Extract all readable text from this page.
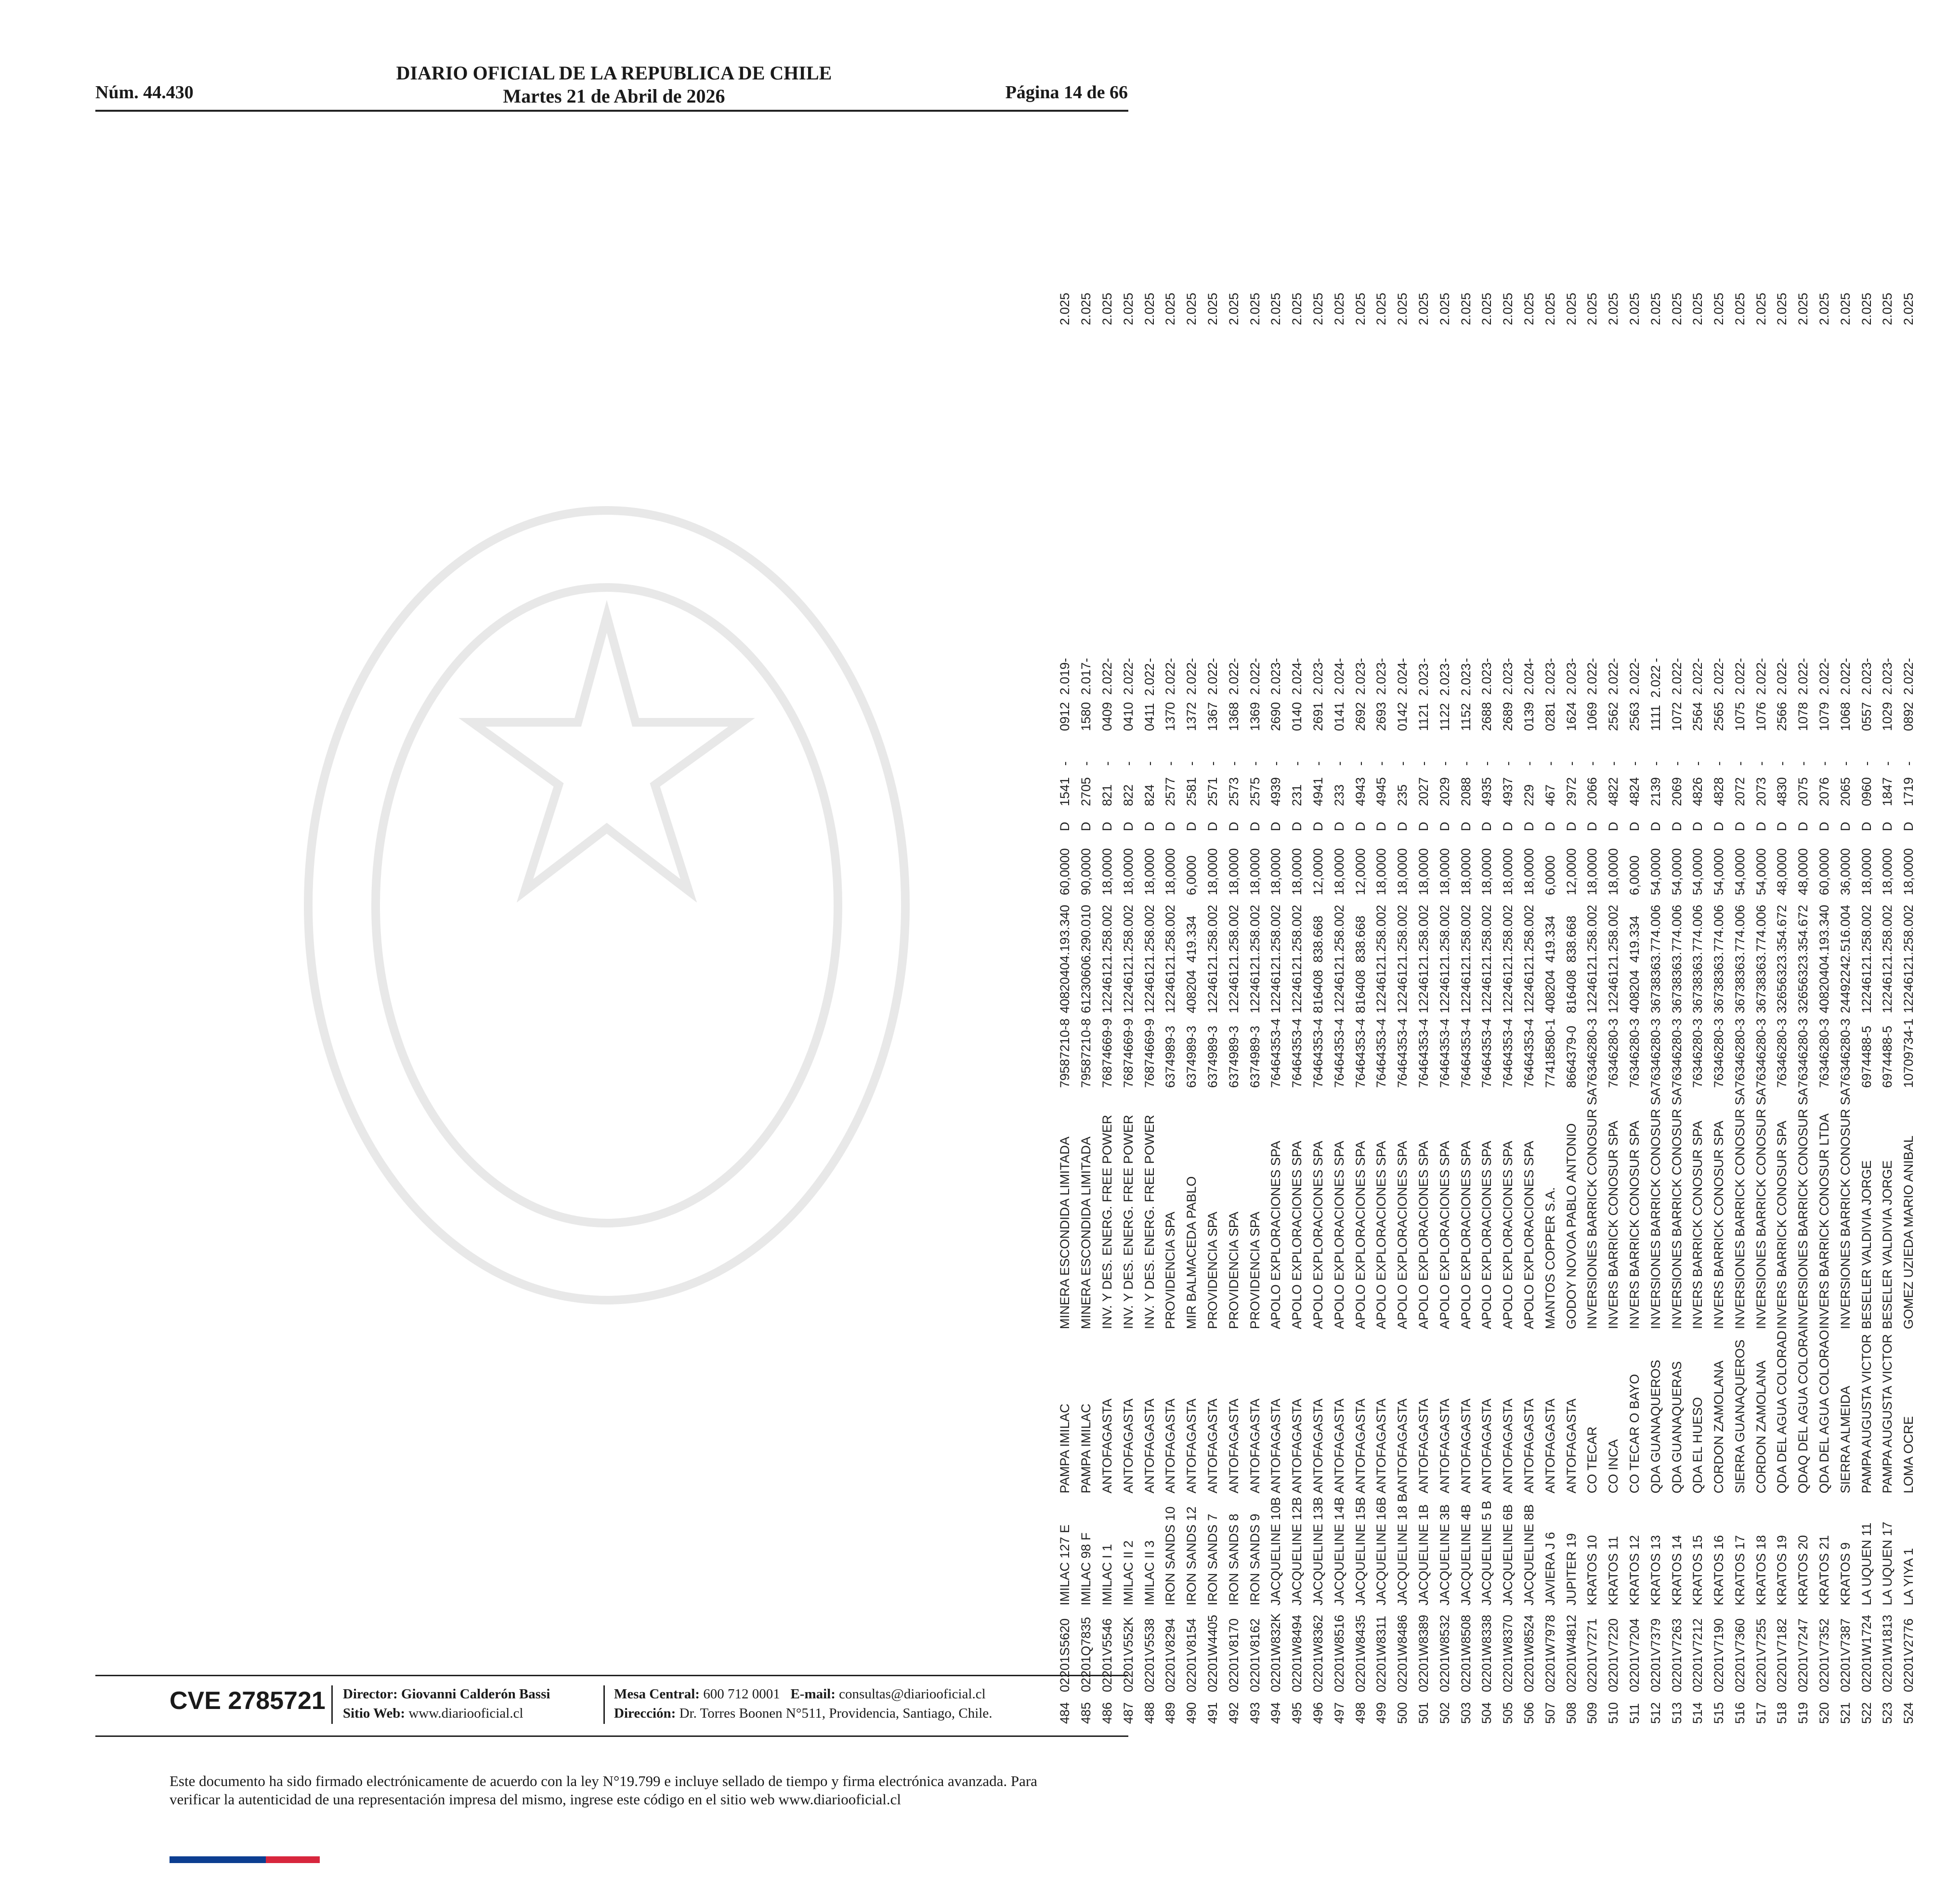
Núm. 44.430
DIARIO OFICIAL DE LA REPUBLICA DE CHILE
Martes 21 de Abril de 2026	Página 14 de 66
484	02201S5620	IMILAC 127 E	PAMPA IMILAC	MINERA ESCONDIDA LIMITADA	79587210-8	4082040	4.193.340	60,0000	D	1541	-	0912  2.019	-	2.025
485	02201Q7835	IMILAC 98 F	PAMPA IMILAC	MINERA ESCONDIDA LIMITADA	79587210-8	6123060	6.290.010	90,0000	D	2705	-	1580  2.017	-	2.025
486	02201V5546	IMILAC I 1	ANTOFAGASTA	INV. Y DES. ENERG. FREE POWER	76874669-9	1224612	1.258.002	18,0000	D	821	-	0409  2.022	-	2.025
487	02201V552K	IMILAC II 2	ANTOFAGASTA	INV. Y DES. ENERG. FREE POWER	76874669-9	1224612	1.258.002	18,0000	D	822	-	0410  2.022	-	2.025
488	02201V5538	IMILAC II 3	ANTOFAGASTA	INV. Y DES. ENERG. FREE POWER	76874669-9	1224612	1.258.002	18,0000	D	824	-	0411  2.022	-	2.025
489	02201V8294	IRON SANDS 10	ANTOFAGASTA	PROVIDENCIA SPA	6374989-3	1224612	1.258.002	18,0000	D	2577	-	1370  2.022	-	2.025
490	02201V8154	IRON SANDS 12	ANTOFAGASTA	MIR BALMACEDA PABLO	6374989-3	408204	419.334	6,0000	D	2581	-	1372  2.022	-	2.025
491	02201W4405	IRON SANDS 7	ANTOFAGASTA	PROVIDENCIA SPA	6374989-3	1224612	1.258.002	18,0000	D	2571	-	1367  2.022	-	2.025
492	02201V8170	IRON SANDS 8	ANTOFAGASTA	PROVIDENCIA SPA	6374989-3	1224612	1.258.002	18,0000	D	2573	-	1368  2.022	-	2.025
493	02201V8162	IRON SANDS 9	ANTOFAGASTA	PROVIDENCIA SPA	6374989-3	1224612	1.258.002	18,0000	D	2575	-	1369  2.022	-	2.025
494	02201W832K	JACQUELINE 10B	ANTOFAGASTA	APOLO EXPLORACIONES SPA	76464353-4	1224612	1.258.002	18,0000	D	4939	-	2690  2.023	-	2.025
495	02201W8494	JACQUELINE 12B	ANTOFAGASTA	APOLO EXPLORACIONES SPA	76464353-4	1224612	1.258.002	18,0000	D	231	-	0140  2.024	-	2.025
496	02201W8362	JACQUELINE 13B	ANTOFAGASTA	APOLO EXPLORACIONES SPA	76464353-4	816408	838.668	12,0000	D	4941	-	2691  2.023	-	2.025
497	02201W8516	JACQUELINE 14B	ANTOFAGASTA	APOLO EXPLORACIONES SPA	76464353-4	1224612	1.258.002	18,0000	D	233	-	0141  2.024	-	2.025
498	02201W8435	JACQUELINE 15B	ANTOFAGASTA	APOLO EXPLORACIONES SPA	76464353-4	816408	838.668	12,0000	D	4943	-	2692  2.023	-	2.025
499	02201W8311	JACQUELINE 16B	ANTOFAGASTA	APOLO EXPLORACIONES SPA	76464353-4	1224612	1.258.002	18,0000	D	4945	-	2693  2.023	-	2.025
500	02201W8486	JACQUELINE 18 B	ANTOFAGASTA	APOLO EXPLORACIONES SPA	76464353-4	1224612	1.258.002	18,0000	D	235	-	0142  2.024	-	2.025
501	02201W8389	JACQUELINE 1B	ANTOFAGASTA	APOLO EXPLORACIONES SPA	76464353-4	1224612	1.258.002	18,0000	D	2027	-	1121  2.023	-	2.025
502	02201W8532	JACQUELINE 3B	ANTOFAGASTA	APOLO EXPLORACIONES SPA	76464353-4	1224612	1.258.002	18,0000	D	2029	-	1122  2.023	-	2.025
503	02201W8508	JACQUELINE 4B	ANTOFAGASTA	APOLO EXPLORACIONES SPA	76464353-4	1224612	1.258.002	18,0000	D	2088	-	1152  2.023	-	2.025
504	02201W8338	JACQUELINE 5 B	ANTOFAGASTA	APOLO EXPLORACIONES SPA	76464353-4	1224612	1.258.002	18,0000	D	4935	-	2688  2.023	-	2.025
505	02201W8370	JACQUELINE 6B	ANTOFAGASTA	APOLO EXPLORACIONES SPA	76464353-4	1224612	1.258.002	18,0000	D	4937	-	2689  2.023	-	2.025
506	02201W8524	JACQUELINE 8B	ANTOFAGASTA	APOLO EXPLORACIONES SPA	76464353-4	1224612	1.258.002	18,0000	D	229	-	0139  2.024	-	2.025
507	02201W7978	JAVIERA J 6	ANTOFAGASTA	MANTOS COPPER S.A.	77418580-1	408204	419.334	6,0000	D	467	-	0281  2.023	-	2.025
508	02201W4812	JUPITER 19	ANTOFAGASTA	GODOY NOVOA PABLO ANTONIO	8664379-0	816408	838.668	12,0000	D	2972	-	1624  2.023	-	2.025
509	02201V7271	KRATOS 10	CO TECAR	INVERSIONES BARRICK CONOSUR SA	76346280-3	1224612	1.258.002	18,0000	D	2066	-	1069  2.022	-	2.025
510	02201V7220	KRATOS 11	CO INCA	INVERS BARRICK CONOSUR SPA	76346280-3	1224612	1.258.002	18,0000	D	4822	-	2562  2.022	-	2.025
511	02201V7204	KRATOS 12	CO TECAR O BAYO	INVERS BARRICK CONOSUR SPA	76346280-3	408204	419.334	6,0000	D	4824	-	2563  2.022	-	2.025
512	02201V7379	KRATOS 13	QDA GUANAQUEROS	INVERSIONES BARRICK CONOSUR SA	76346280-3	3673836	3.774.006	54,0000	D	2139	-	1111  2.022	-	2.025
513	02201V7263	KRATOS 14	QDA GUANAQUERAS	INVERSIONES BARRICK CONOSUR SA	76346280-3	3673836	3.774.006	54,0000	D	2069	-	1072  2.022	-	2.025
514	02201V7212	KRATOS 15	QDA EL HUESO	INVERS BARRICK CONOSUR SPA	76346280-3	3673836	3.774.006	54,0000	D	4826	-	2564  2.022	-	2.025
515	02201V7190	KRATOS 16	CORDON ZAMOLANA	INVERS BARRICK CONOSUR SPA	76346280-3	3673836	3.774.006	54,0000	D	4828	-	2565  2.022	-	2.025
516	02201V7360	KRATOS 17	SIERRA GUANAQUEROS	INVERSIONES BARRICK CONOSUR SA	76346280-3	3673836	3.774.006	54,0000	D	2072	-	1075  2.022	-	2.025
517	02201V7255	KRATOS 18	CORDON ZAMOLANA	INVERSIONES BARRICK CONOSUR SA	76346280-3	3673836	3.774.006	54,0000	D	2073	-	1076  2.022	-	2.025
518	02201V7182	KRATOS 19	QDA DEL AGUA COLORAD	INVERS BARRICK CONOSUR SPA	76346280-3	3265632	3.354.672	48,0000	D	4830	-	2566  2.022	-	2.025
519	02201V7247	KRATOS 20	QDAQ DEL AGUA COLORA	INVERSIONES BARRICK CONOSUR SA	76346280-3	3265632	3.354.672	48,0000	D	2075	-	1078  2.022	-	2.025
520	02201V7352	KRATOS 21	QDA DEL AGUA COLORAO	INVERS BARRICK CONOSUR LTDA	76346280-3	4082040	4.193.340	60,0000	D	2076	-	1079  2.022	-	2.025
521	02201V7387	KRATOS 9	SIERRA ALMEIDA	INVERSIONES BARRICK CONOSUR SA	76346280-3	2449224	2.516.004	36,0000	D	2065	-	1068  2.022	-	2.025
522	02201W1724	LA UQUEN 11	PAMPA AUGUSTA VICTOR	BESELER VALDIVIA JORGE	6974488-5	1224612	1.258.002	18,0000	D	0960	-	0557  2.023	-	2.025
523	02201W1813	LA UQUEN 17	PAMPA AUGUSTA VICTOR	BESELER VALDIVIA JORGE	6974488-5	1224612	1.258.002	18,0000	D	1847	-	1029  2.023	-	2.025
524	02201V2776	LA YIYA 1	LOMA OCRE	GOMEZ UZIEDA MARIO ANIBAL	10709734-1	1224612	1.258.002	18,0000	D	1719	-	0892  2.022	-	2.025
CVE 2785721 Director: Giovanni Calderón Bassi
Sitio Web: www.diariooficial.cl
Mesa Central: 600 712 0001 E-mail: consultas@diariooficial.cl
Dirección: Dr. Torres Boonen N°511, Providencia, Santiago, Chile.
Este documento ha sido firmado electrónicamente de acuerdo con la ley N°19.799 e incluye sellado de tiempo y firma electrónica avanzada. Para verificar la autenticidad de una representación impresa del mismo, ingrese este código en el sitio web www.diariooficial.cl
